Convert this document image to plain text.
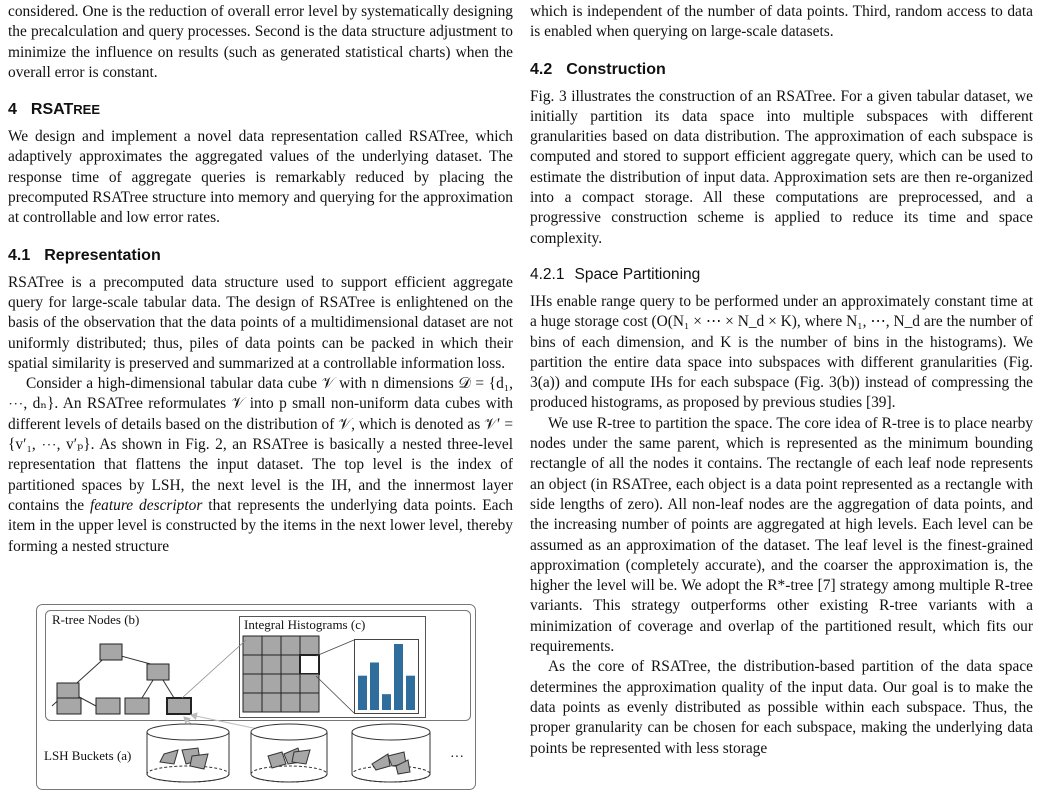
considered. One is the reduction of overall error level by systematically designing the precalculation and query processes. Second is the data structure adjustment to minimize the influence on results (such as generated statistical charts) when the overall error is constant.

4 RSATREE

We design and implement a novel data representation called RSATree, which adaptively approximates the aggregated values of the underlying dataset. The response time of aggregate queries is remarkably reduced by placing the precomputed RSATree structure into memory and querying for the approximation at controllable and low error rates.

4.1 Representation

RSATree is a precomputed data structure used to support efficient aggregate query for large-scale tabular data. The design of RSATree is enlightened on the basis of the observation that the data points of a multidimensional dataset are not uniformly distributed; thus, piles of data points can be packed in which their spatial similarity is preserved and summarized at a controllable information loss.

Consider a high-dimensional tabular data cube 𝒱 with n dimensions 𝒟 = {d₁, ⋯, dₙ}. An RSATree reformulates 𝒱 into p small non-uniform data cubes with different levels of details based on the distribution of 𝒱, which is denoted as 𝒱′ = {v′₁, ⋯, v′ₚ}. As shown in Fig. 2, an RSATree is basically a nested three-level representation that flattens the input dataset. The top level is the index of partitioned spaces by LSH, the next level is the IH, and the innermost layer contains the feature descriptor that represents the underlying data points. Each item in the upper level is constructed by the items in the next lower level, thereby forming a nested structure

R-tree Nodes (b)	Integral Histograms (c)
LSH Buckets (a)	···

which is independent of the number of data points. Third, random access to data is enabled when querying on large-scale datasets.

4.2 Construction

Fig. 3 illustrates the construction of an RSATree. For a given tabular dataset, we initially partition its data space into multiple subspaces with different granularities based on data distribution. The approximation of each subspace is computed and stored to support efficient aggregate query, which can be used to estimate the distribution of input data. Approximation sets are then re-organized into a compact storage. All these computations are preprocessed, and a progressive construction scheme is applied to reduce its time and space complexity.

4.2.1 Space Partitioning

IHs enable range query to be performed under an approximately constant time at a huge storage cost (O(N₁ × ⋯ × N_d × K), where N₁, ⋯, N_d are the number of bins of each dimension, and K is the number of bins in the histograms). We partition the entire data space into subspaces with different granularities (Fig. 3(a)) and compute IHs for each subspace (Fig. 3(b)) instead of compressing the produced histograms, as proposed by previous studies [39].

We use R-tree to partition the space. The core idea of R-tree is to place nearby nodes under the same parent, which is represented as the minimum bounding rectangle of all the nodes it contains. The rectangle of each leaf node represents an object (in RSATree, each object is a data point represented as a rectangle with side lengths of zero). All non-leaf nodes are the aggregation of data points, and the increasing number of points are aggregated at high levels. Each level can be assumed as an approximation of the dataset. The leaf level is the finest-grained approximation (completely accurate), and the coarser the approximation is, the higher the level will be. We adopt the R*-tree [7] strategy among multiple R-tree variants. This strategy outperforms other existing R-tree variants with a minimization of coverage and overlap of the partitioned result, which fits our requirements.

As the core of RSATree, the distribution-based partition of the data space determines the approximation quality of the input data. Our goal is to make the data points as evenly distributed as possible within each subspace. Thus, the proper granularity can be chosen for each subspace, making the underlying data points be represented with less storage
